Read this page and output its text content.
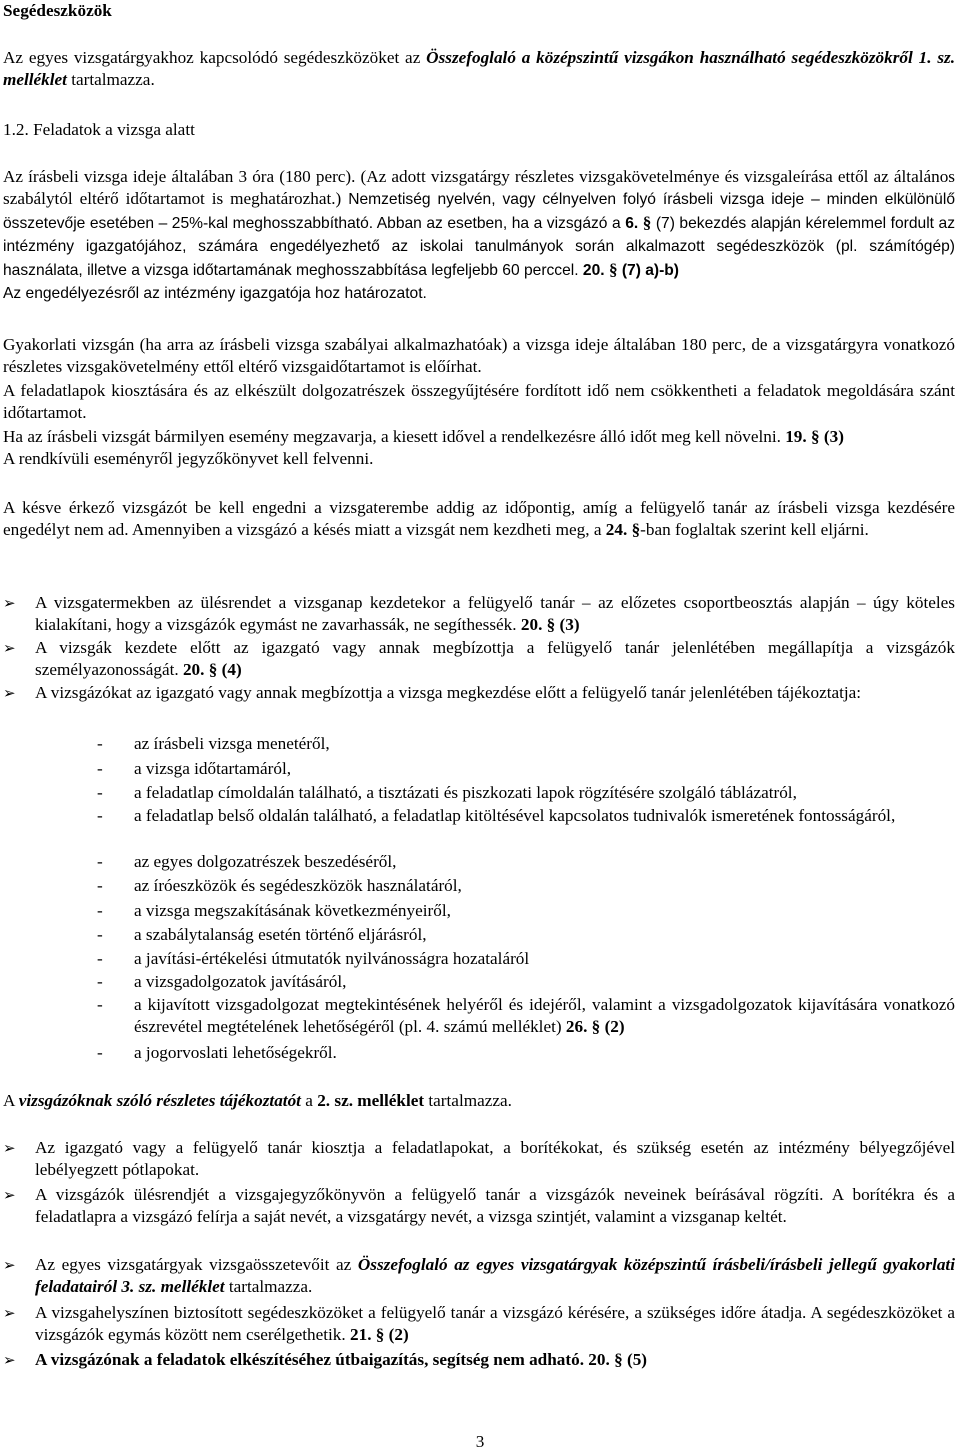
Segédeszközök

Az egyes vizsgatárgyakhoz kapcsolódó segédeszközöket az Összefoglaló a középszintű vizsgákon használható segédeszközökről 1. sz. melléklet tartalmazza.

1.2. Feladatok a vizsga alatt

Az írásbeli vizsga ideje általában 3 óra (180 perc). (Az adott vizsgatárgy részletes vizsgakövetelménye és vizsgaleírása ettől az általános szabálytól eltérő időtartamot is meghatározhat.) Nemzetiség nyelvén, vagy célnyelven folyó írásbeli vizsga ideje – minden elkülönülő összetevője esetében – 25%-kal meghosszabbítható. Abban az esetben, ha a vizsgázó a 6. § (7) bekezdés alapján kérelemmel fordult az intézmény igazgatójához, számára engedélyezhető az iskolai tanulmányok során alkalmazott segédeszközök (pl. számítógép) használata, illetve a vizsga időtartamának meghosszabbítása legfeljebb 60 perccel. 20. § (7) a)-b)
Az engedélyezésről az intézmény igazgatója hoz határozatot.

Gyakorlati vizsgán (ha arra az írásbeli vizsga szabályai alkalmazhatóak) a vizsga ideje általában 180 perc, de a vizsgatárgyra vonatkozó részletes vizsgakövetelmény ettől eltérő vizsgaidőtartamot is előírhat.

A feladatlapok kiosztására és az elkészült dolgozatrészek összegyűjtésére fordított idő nem csökkentheti a feladatok megoldására szánt időtartamot.

Ha az írásbeli vizsgát bármilyen esemény megzavarja, a kiesett idővel a rendelkezésre álló időt meg kell növelni. 19. § (3)
A rendkívüli eseményről jegyzőkönyvet kell felvenni.

A késve érkező vizsgázót be kell engedni a vizsgaterembe addig az időpontig, amíg a felügyelő tanár az írásbeli vizsga kezdésére engedélyt nem ad. Amennyiben a vizsgázó a késés miatt a vizsgát nem kezdheti meg, a 24. §-ban foglaltak szerint kell eljárni.

➢	A vizsgatermekben az ülésrendet a vizsganap kezdetekor a felügyelő tanár – az előzetes csoportbeosztás alapján – úgy köteles kialakítani, hogy a vizsgázók egymást ne zavarhassák, ne segíthessék. 20. § (3)

➢	A vizsgák kezdete előtt az igazgató vagy annak megbízottja a felügyelő tanár jelenlétében megállapítja a vizsgázók személyazonosságát. 20. § (4)

➢	A vizsgázókat az igazgató vagy annak megbízottja a vizsga megkezdése előtt a felügyelő tanár jelenlétében tájékoztatja:

- az írásbeli vizsga menetéről,

- a vizsga időtartamáról,

- a feladatlap címoldalán található, a tisztázati és piszkozati lapok rögzítésére szolgáló táblázatról,

- a feladatlap belső oldalán található, a feladatlap kitöltésével kapcsolatos tudnivalók ismeretének fontosságáról,

- az egyes dolgozatrészek beszedéséről,

- az íróeszközök és segédeszközök használatáról,

- a vizsga megszakításának következményeiről,

- a szabálytalanság esetén történő eljárásról,

- a javítási-értékelési útmutatók nyilvánosságra hozataláról

- a vizsgadolgozatok javításáról,

- a kijavított vizsgadolgozat megtekintésének helyéről és idejéről, valamint a vizsgadolgozatok kijavítására vonatkozó észrevétel megtételének lehetőségéről (pl. 4. számú melléklet) 26. § (2)

- a jogorvoslati lehetőségekről.

A vizsgázóknak szóló részletes tájékoztatót a 2. sz. melléklet tartalmazza.

➢	Az igazgató vagy a felügyelő tanár kiosztja a feladatlapokat, a borítékokat, és szükség esetén az intézmény bélyegzőjével lebélyegzett pótlapokat.

➢	A vizsgázók ülésrendjét a vizsgajegyzőkönyvön a felügyelő tanár a vizsgázók neveinek beírásával rögzíti. A borítékra és a feladatlapra a vizsgázó felírja a saját nevét, a vizsgatárgy nevét, a vizsga szintjét, valamint a vizsganap keltét.

➢	Az egyes vizsgatárgyak vizsgaösszetevőit az Összefoglaló az egyes vizsgatárgyak középszintű írásbeli/írásbeli jellegű gyakorlati feladatairól 3. sz. melléklet tartalmazza.

➢	A vizsgahelyszínen biztosított segédeszközöket a felügyelő tanár a vizsgázó kérésére, a szükséges időre átadja. A segédeszközöket a vizsgázók egymás között nem cserélgethetik. 21. § (2)

➢	A vizsgázónak a feladatok elkészítéséhez útbaigazítás, segítség nem adható. 20. § (5)

3
